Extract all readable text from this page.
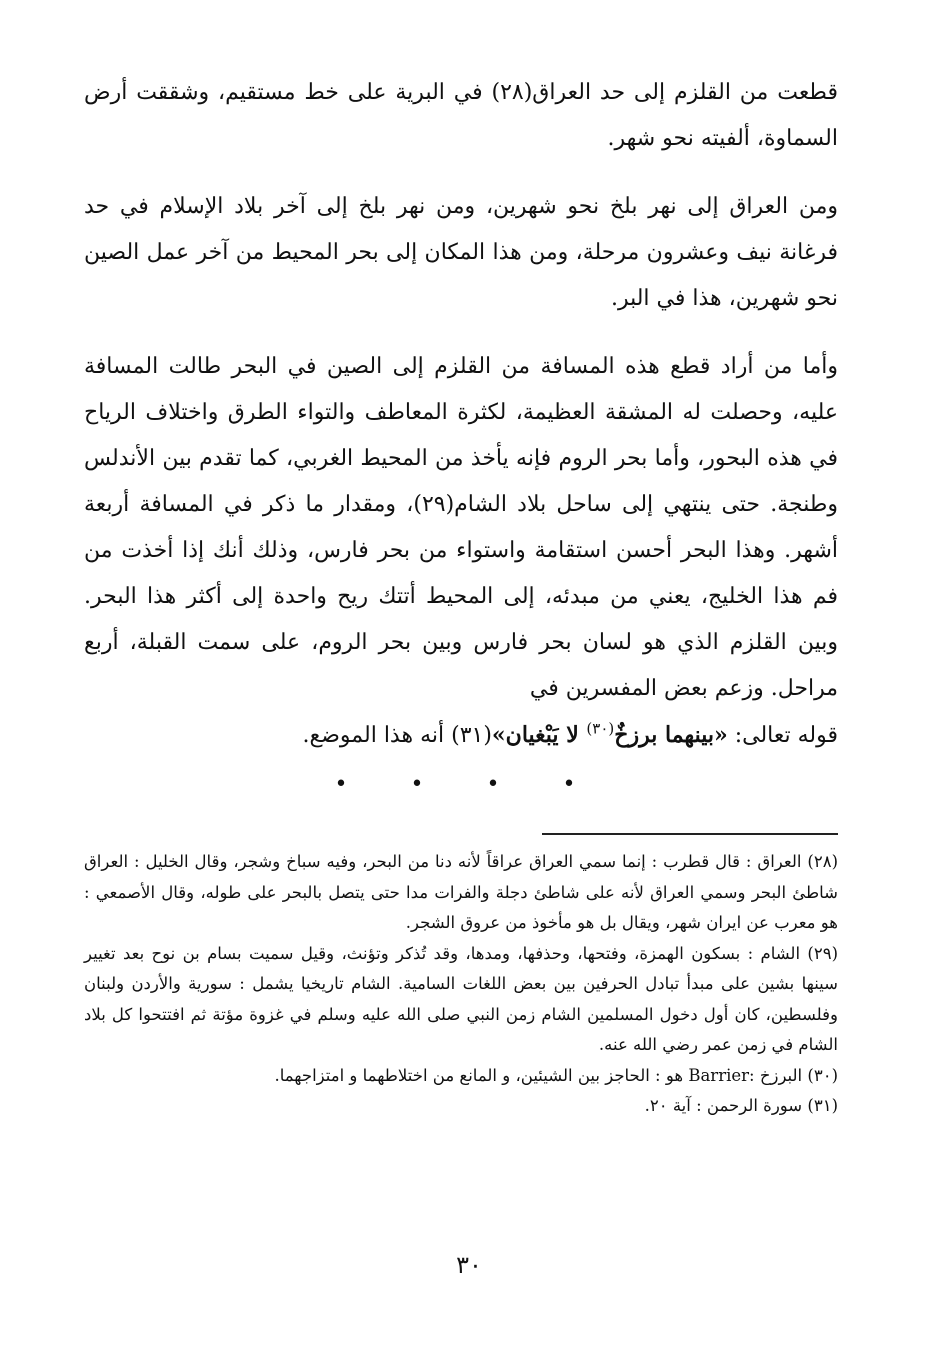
قطعت من القلزم إلى حد العراق(٢٨) في البرية على خط مستقيم، وشققت أرض السماوة، ألفيته نحو شهر.

ومن العراق إلى نهر بلخ نحو شهرين، ومن نهر بلخ إلى آخر بلاد الإسلام في حد فرغانة نيف وعشرون مرحلة، ومن هذا المكان إلى بحر المحيط من آخر عمل الصين نحو شهرين، هذا في البر.

وأما من أراد قطع هذه المسافة من القلزم إلى الصين في البحر طالت المسافة عليه، وحصلت له المشقة العظيمة، لكثرة المعاطف والتواء الطرق واختلاف الرياح في هذه البحور، وأما بحر الروم فإنه يأخذ من المحيط الغربي، كما تقدم بين الأندلس وطنجة. حتى ينتهي إلى ساحل بلاد الشام(٢٩)، ومقدار ما ذكر في المسافة أربعة أشهر. وهذا البحر أحسن استقامة واستواء من بحر فارس، وذلك أنك إذا أخذت من فم هذا الخليج، يعني من مبدئه، إلى المحيط أتتك ريح واحدة إلى أكثر هذا البحر. وبين القلزم الذي هو لسان بحر فارس وبين بحر الروم، على سمت القبلة، أربع مراحل. وزعم بعض المفسرين في
قوله تعالى: «بينهما برزخٌ$^{(٣٠)}$ لا يَبْغيان»(٣١) أنه هذا الموضع.

• • • •

(٢٨) العراق : قال قطرب : إنما سمي العراق عراقاً لأنه دنا من البحر، وفيه سباخ وشجر، وقال الخليل : العراق شاطئ البحر وسمي العراق لأنه على شاطئ دجلة والفرات مدا حتى يتصل بالبحر على طوله، وقال الأصمعي : هو معرب عن ايران شهر، ويقال بل هو مأخوذ من عروق الشجر.

(٢٩) الشام : بسكون الهمزة، وفتحها، وحذفها، ومدها، وقد تُذكر وتؤنث، وقيل سميت بسام بن نوح بعد تغيير سينها بشين على مبدأ تبادل الحرفين بين بعض اللغات السامية. الشام تاريخيا يشمل : سورية والأردن ولبنان وفلسطين، كان أول دخول المسلمين الشام زمن النبي صلى الله عليه وسلم في غزوة مؤتة ثم افتتحوا كل بلاد الشام في زمن عمر رضي الله عنه.

(٣٠) البرزخ :Barrier هو : الحاجز بين الشيئين، و المانع من اختلاطهما و امتزاجهما.

(٣١) سورة الرحمن : آية ٢٠.

٣٠
